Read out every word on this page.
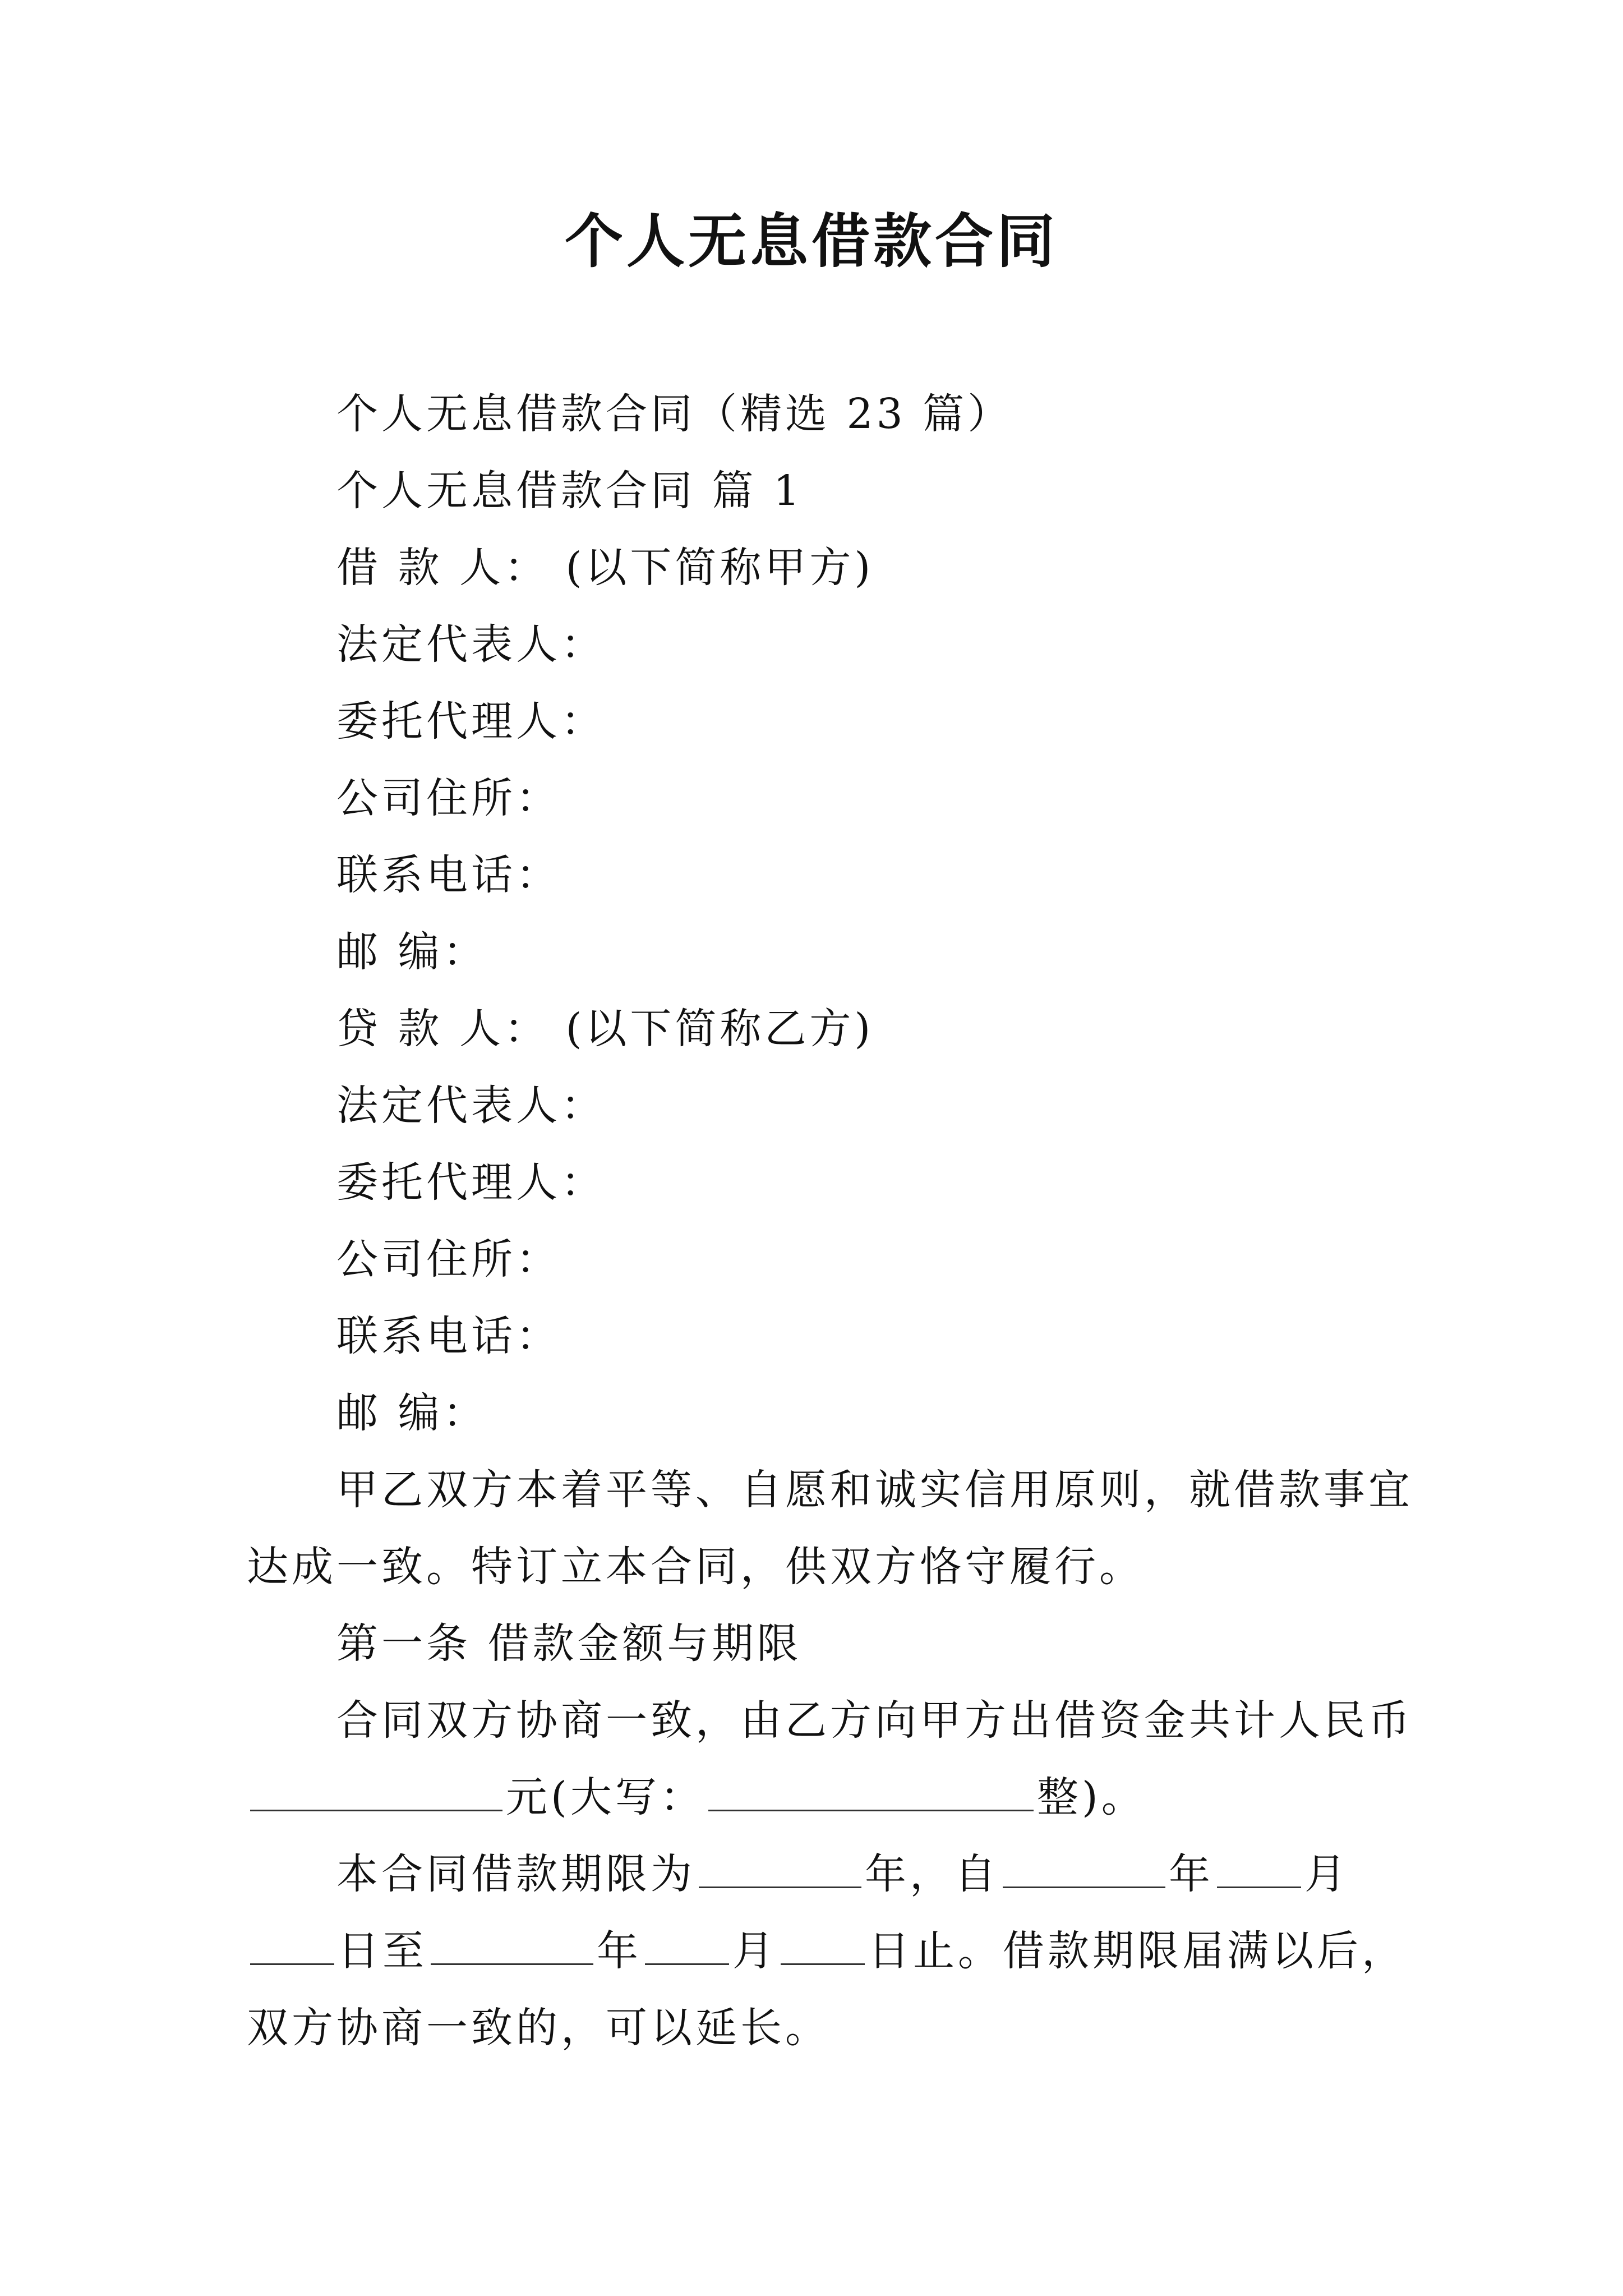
个人无息借款合同

个人无息借款合同（精选 23 篇）

个人无息借款合同 篇 1

借 款 人： (以下简称甲方)

法定代表人：

委托代理人：

公司住所：

联系电话：

邮 编：

贷 款 人： (以下简称乙方)

法定代表人：

委托代理人：

公司住所：

联系电话：

邮 编：

甲乙双方本着平等、自愿和诚实信用原则，就借款事宜

达成一致。特订立本合同，供双方恪守履行。

第一条 借款金额与期限

合同双方协商一致，由乙方向甲方出借资金共计人民币

元(大写：	整)。

本合同借款期限为	年，自	年 月

日至	年 月 日止。借款期限届满以后，

双方协商一致的，可以延长。
